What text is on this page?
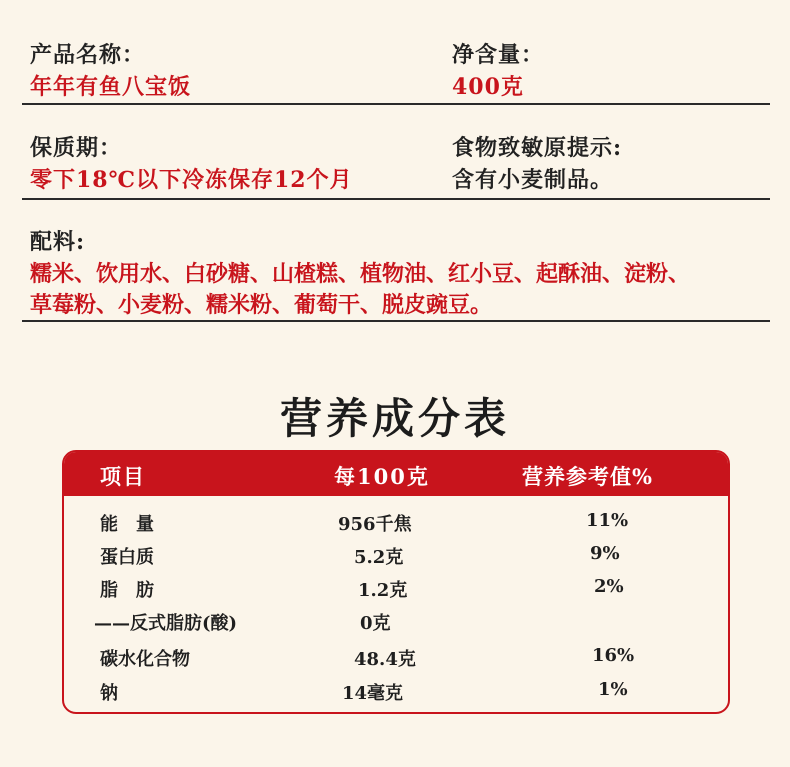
产品名称：
年年有鱼八宝饭
净含量：
400克
保质期：
零下18℃以下冷冻保存12个月
食物致敏原提示:
含有小麦制品。
配料:
糯米、饮用水、白砂糖、山楂糕、植物油、红小豆、起酥油、淀粉、
草莓粉、小麦粉、糯米粉、葡萄干、脱皮豌豆。
营养成分表
项目	每100克	营养参考值%
能　量	956千焦	11%
蛋白质	5.2克	9%
脂　肪	1.2克	2%
——反式脂肪(酸)	0克
碳水化合物	48.4克	16%
钠	14毫克	1%
